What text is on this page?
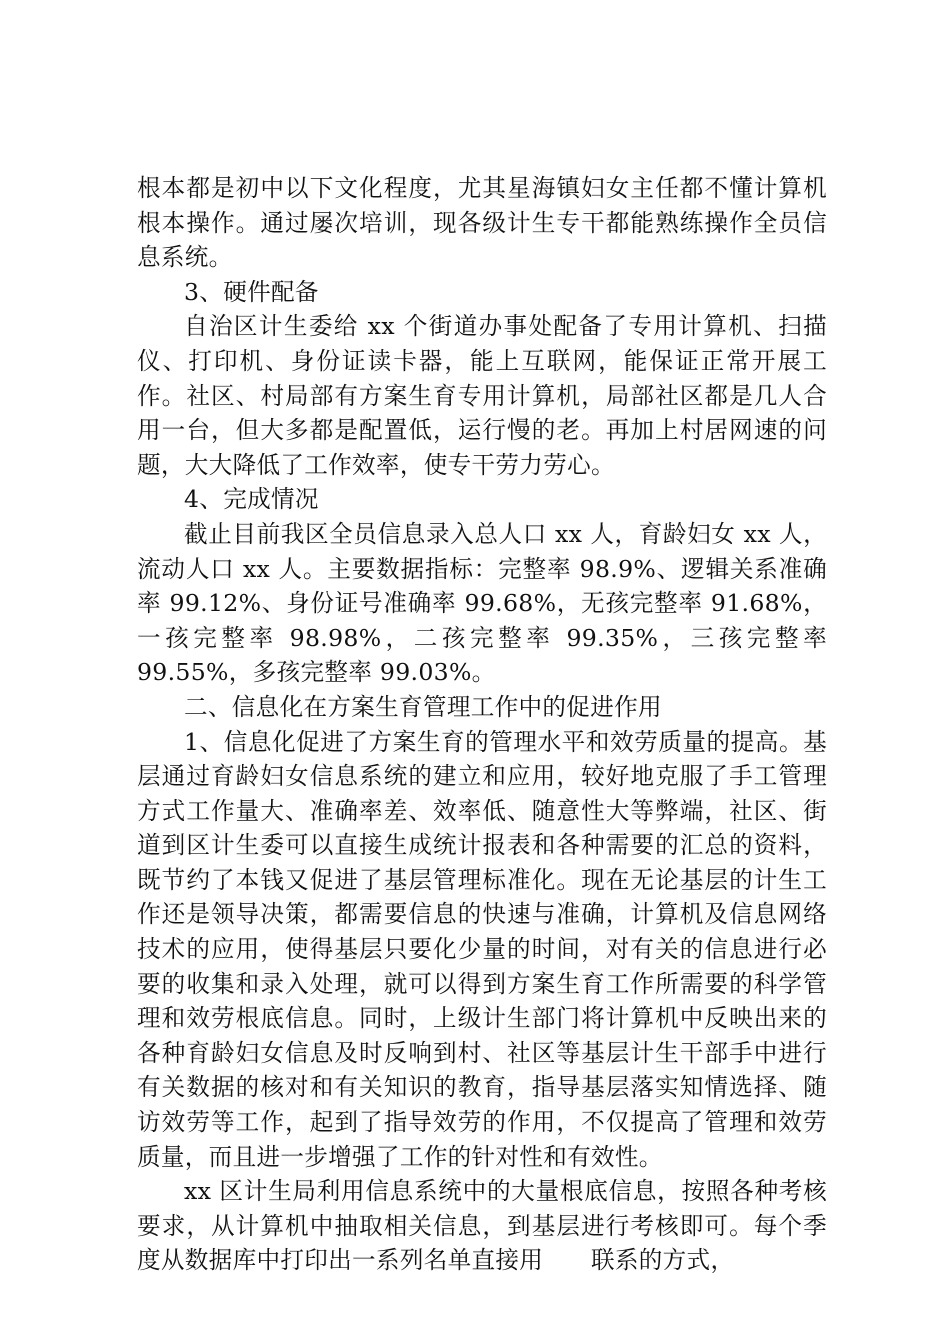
根本都是初中以下文化程度，尤其星海镇妇女主任都不懂计算机根本操作。通过屡次培训，现各级计生专干都能熟练操作全员信息系统。

3、硬件配备

自治区计生委给 xx 个街道办事处配备了专用计算机、扫描仪、打印机、身份证读卡器，能上互联网，能保证正常开展工作。社区、村局部有方案生育专用计算机，局部社区都是几人合用一台，但大多都是配置低，运行慢的老。再加上村居网速的问题，大大降低了工作效率，使专干劳力劳心。

4、完成情况

截止目前我区全员信息录入总人口 xx 人，育龄妇女 xx 人，流动人口 xx 人。主要数据指标：完整率 98.9%、逻辑关系准确率 99.12%、身份证号准确率 99.68%，无孩完整率 91.68%，一孩完整率 98.98%，二孩完整率 99.35%，三孩完整率 99.55%，多孩完整率 99.03%。

二、信息化在方案生育管理工作中的促进作用

1、信息化促进了方案生育的管理水平和效劳质量的提高。基层通过育龄妇女信息系统的建立和应用，较好地克服了手工管理方式工作量大、准确率差、效率低、随意性大等弊端，社区、街道到区计生委可以直接生成统计报表和各种需要的汇总的资料，既节约了本钱又促进了基层管理标准化。现在无论基层的计生工作还是领导决策，都需要信息的快速与准确，计算机及信息网络技术的应用，使得基层只要化少量的时间，对有关的信息进行必要的收集和录入处理，就可以得到方案生育工作所需要的科学管理和效劳根底信息。同时，上级计生部门将计算机中反映出来的各种育龄妇女信息及时反响到村、社区等基层计生干部手中进行有关数据的核对和有关知识的教育，指导基层落实知情选择、随访效劳等工作，起到了指导效劳的作用，不仅提高了管理和效劳质量，而且进一步增强了工作的针对性和有效性。

xx 区计生局利用信息系统中的大量根底信息，按照各种考核要求，从计算机中抽取相关信息，到基层进行考核即可。每个季度从数据库中打印出一系列名单直接用　　联系的方式，
